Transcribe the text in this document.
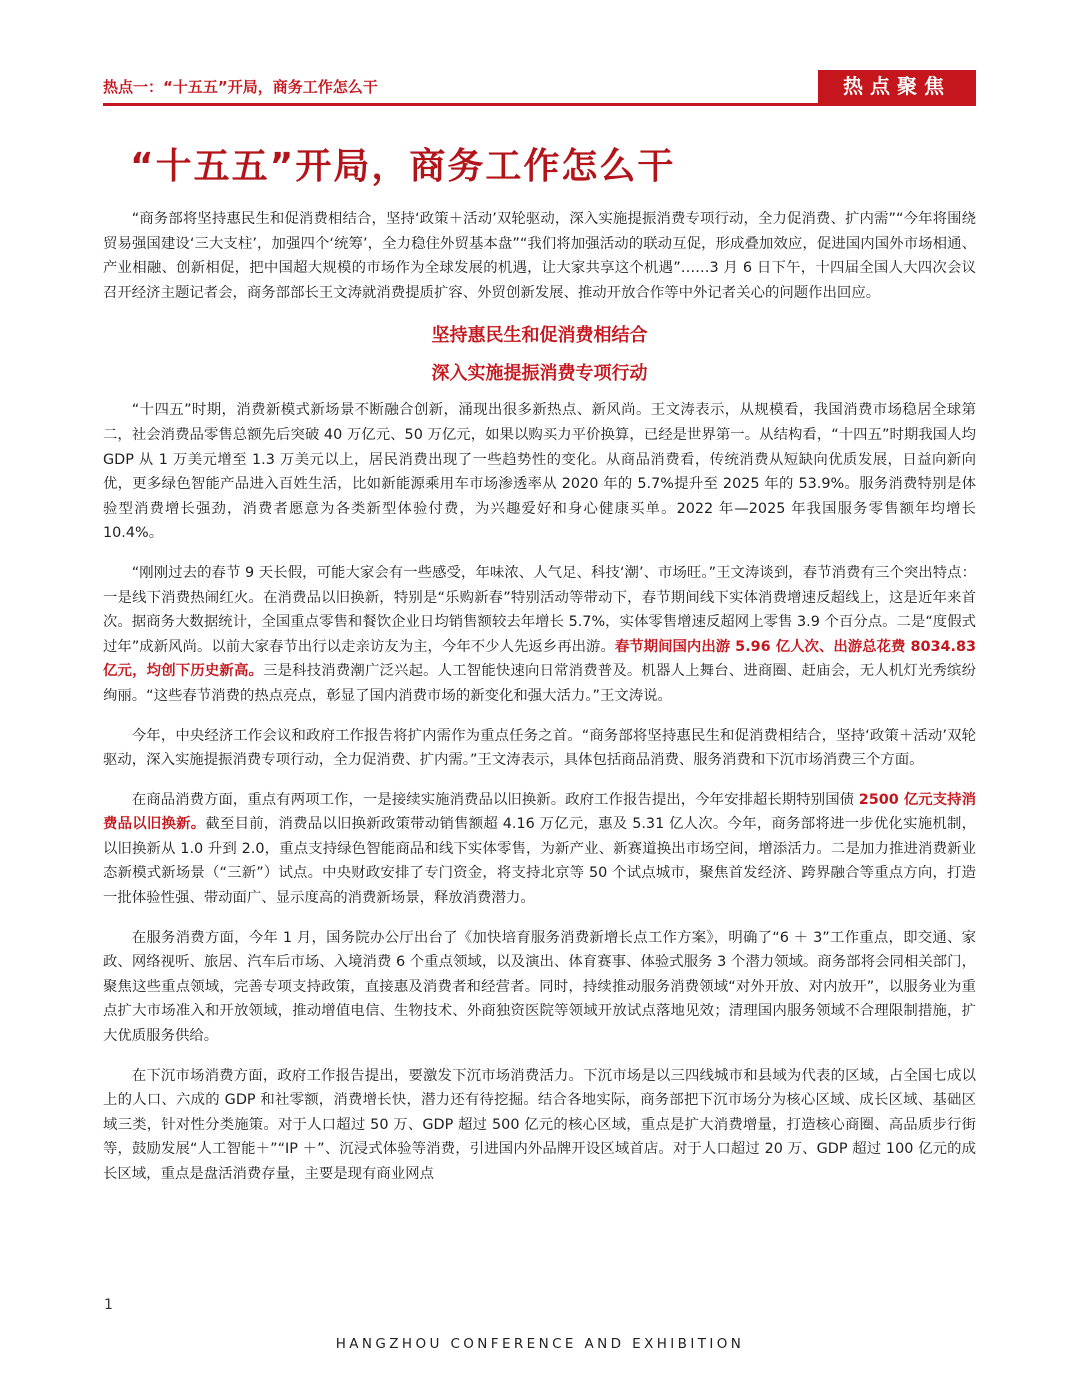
热点一：“十五五”开局，商务工作怎么干	热点聚焦
“十五五”开局，商务工作怎么干

“商务部将坚持惠民生和促消费相结合，坚持‘政策＋活动’双轮驱动，深入实施提振消费专项行动，全力促消费、扩内需”“今年将围绕贸易强国建设‘三大支柱’，加强四个‘统筹’，全力稳住外贸基本盘”“我们将加强活动的联动互促，形成叠加效应，促进国内国外市场相通、产业相融、创新相促，把中国超大规模的市场作为全球发展的机遇，让大家共享这个机遇”……3 月 6 日下午，十四届全国人大四次会议召开经济主题记者会，商务部部长王文涛就消费提质扩容、外贸创新发展、推动开放合作等中外记者关心的问题作出回应。

坚持惠民生和促消费相结合
深入实施提振消费专项行动

“十四五”时期，消费新模式新场景不断融合创新，涌现出很多新热点、新风尚。王文涛表示，从规模看，我国消费市场稳居全球第二，社会消费品零售总额先后突破 40 万亿元、50 万亿元，如果以购买力平价换算，已经是世界第一。从结构看，“十四五”时期我国人均 GDP 从 1 万美元增至 1.3 万美元以上，居民消费出现了一些趋势性的变化。从商品消费看，传统消费从短缺向优质发展，日益向新向优，更多绿色智能产品进入百姓生活，比如新能源乘用车市场渗透率从 2020 年的 5.7%提升至 2025 年的 53.9%。服务消费特别是体验型消费增长强劲，消费者愿意为各类新型体验付费，为兴趣爱好和身心健康买单。2022 年—2025 年我国服务零售额年均增长 10.4%。

“刚刚过去的春节 9 天长假，可能大家会有一些感受，年味浓、人气足、科技‘潮’、市场旺。”王文涛谈到，春节消费有三个突出特点：一是线下消费热闹红火。在消费品以旧换新，特别是“乐购新春”特别活动等带动下，春节期间线下实体消费增速反超线上，这是近年来首次。据商务大数据统计，全国重点零售和餐饮企业日均销售额较去年增长 5.7%，实体零售增速反超网上零售 3.9 个百分点。二是“度假式过年”成新风尚。以前大家春节出行以走亲访友为主，今年不少人先返乡再出游。春节期间国内出游 5.96 亿人次、出游总花费 8034.83 亿元，均创下历史新高。三是科技消费潮广泛兴起。人工智能快速向日常消费普及。机器人上舞台、进商圈、赶庙会，无人机灯光秀缤纷绚丽。“这些春节消费的热点亮点，彰显了国内消费市场的新变化和强大活力。”王文涛说。

今年，中央经济工作会议和政府工作报告将扩内需作为重点任务之首。“商务部将坚持惠民生和促消费相结合，坚持‘政策＋活动’双轮驱动，深入实施提振消费专项行动，全力促消费、扩内需。”王文涛表示，具体包括商品消费、服务消费和下沉市场消费三个方面。

在商品消费方面，重点有两项工作，一是接续实施消费品以旧换新。政府工作报告提出，今年安排超长期特别国债 2500 亿元支持消费品以旧换新。截至目前，消费品以旧换新政策带动销售额超 4.16 万亿元，惠及 5.31 亿人次。今年，商务部将进一步优化实施机制，以旧换新从 1.0 升到 2.0，重点支持绿色智能商品和线下实体零售，为新产业、新赛道换出市场空间，增添活力。二是加力推进消费新业态新模式新场景（“三新”）试点。中央财政安排了专门资金，将支持北京等 50 个试点城市，聚焦首发经济、跨界融合等重点方向，打造一批体验性强、带动面广、显示度高的消费新场景，释放消费潜力。

在服务消费方面，今年 1 月，国务院办公厅出台了《加快培育服务消费新增长点工作方案》，明确了“6 ＋ 3”工作重点，即交通、家政、网络视听、旅居、汽车后市场、入境消费 6 个重点领域，以及演出、体育赛事、体验式服务 3 个潜力领域。商务部将会同相关部门，聚焦这些重点领域，完善专项支持政策，直接惠及消费者和经营者。同时，持续推动服务消费领域“对外开放、对内放开”，以服务业为重点扩大市场准入和开放领域，推动增值电信、生物技术、外商独资医院等领域开放试点落地见效；清理国内服务领域不合理限制措施，扩大优质服务供给。

在下沉市场消费方面，政府工作报告提出，要激发下沉市场消费活力。下沉市场是以三四线城市和县域为代表的区域，占全国七成以上的人口、六成的 GDP 和社零额，消费增长快，潜力还有待挖掘。结合各地实际，商务部把下沉市场分为核心区域、成长区域、基础区域三类，针对性分类施策。对于人口超过 50 万、GDP 超过 500 亿元的核心区域，重点是扩大消费增量，打造核心商圈、高品质步行街等，鼓励发展“人工智能＋”“IP ＋”、沉浸式体验等消费，引进国内外品牌开设区域首店。对于人口超过 20 万、GDP 超过 100 亿元的成长区域，重点是盘活消费存量，主要是现有商业网点

1
HANGZHOU CONFERENCE AND EXHIBITION
